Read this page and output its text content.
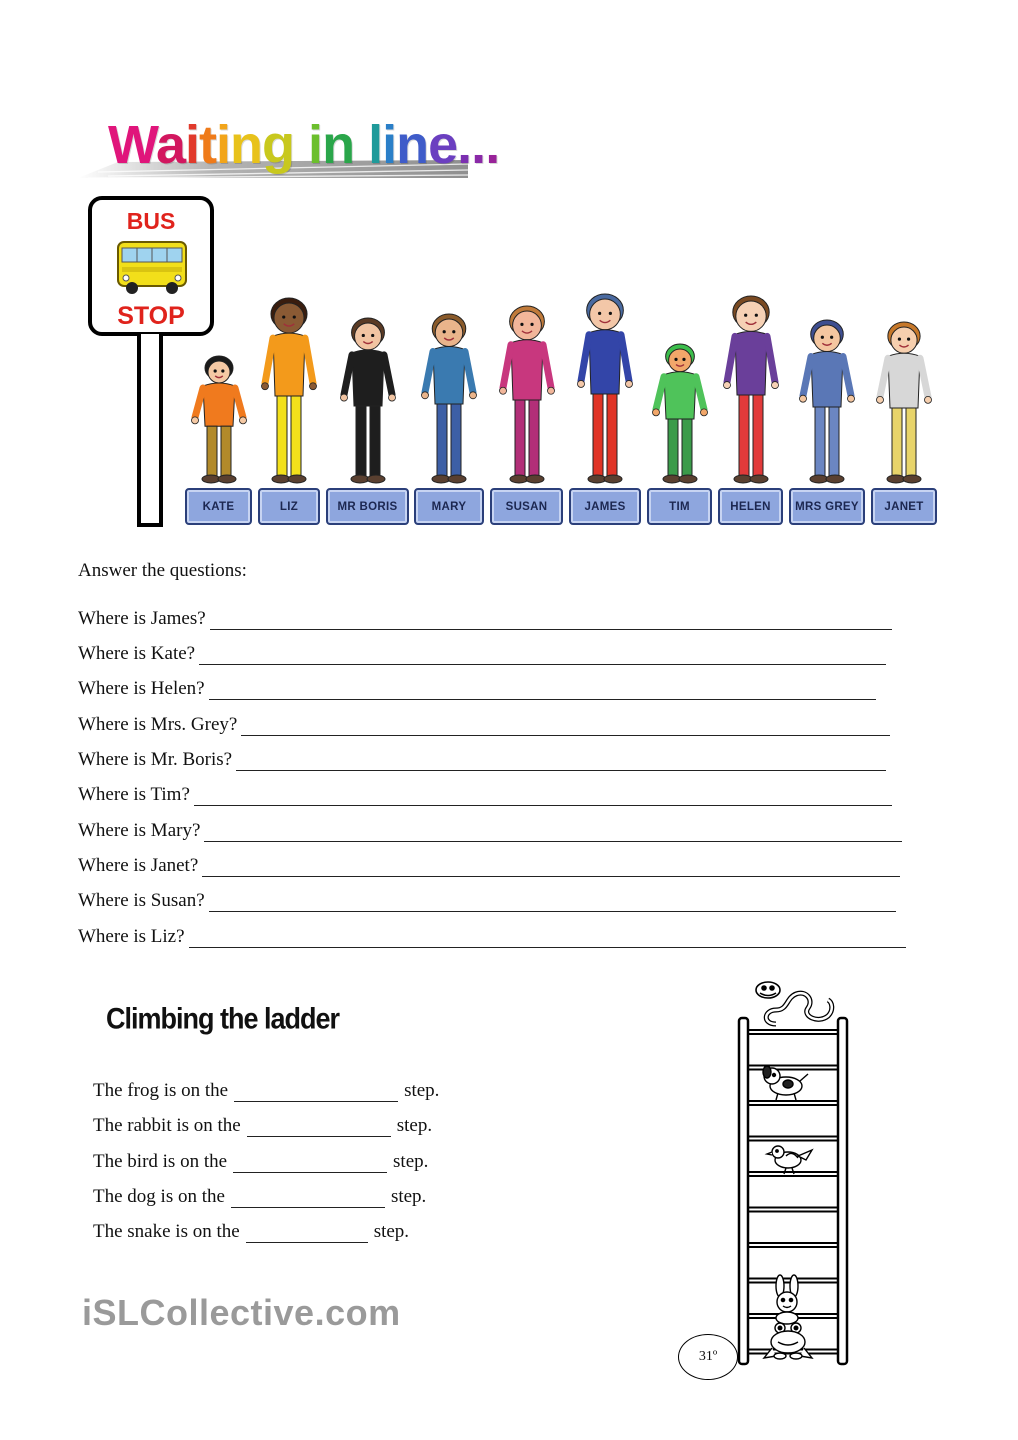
Waiting in line...
BUS
STOP
KATE	LIZ	MR BORIS	MARY	SUSAN	JAMES	TIM	HELEN	MRS GREY	JANET
Answer the questions:
Where is James?
Where is Kate?
Where is Helen?
Where is Mrs. Grey?
Where is Mr. Boris?
Where is Tim?
Where is Mary?
Where is Janet?
Where is Susan?
Where is Liz?
Climbing the ladder
The frog is on the	step.
The rabbit is on the	step.
The bird is on the	step.
The dog is on the	step.
The snake is on the	step.
31º
iSLCollective.com
